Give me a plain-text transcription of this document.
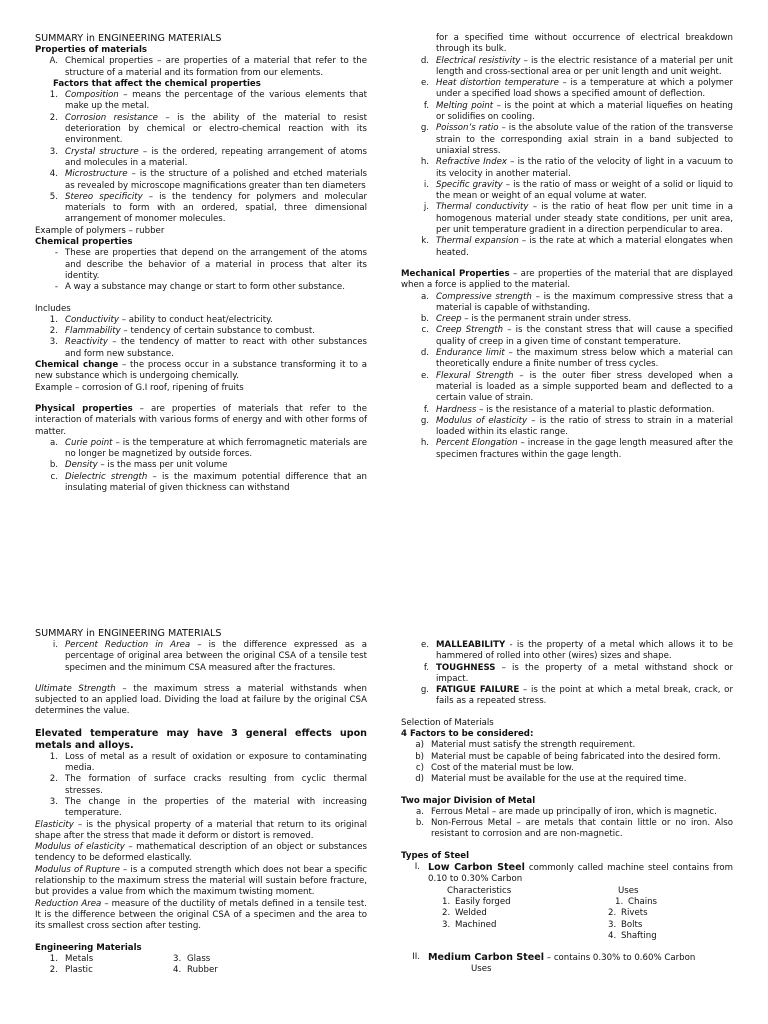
SUMMARY in ENGINEERING MATERIALS
Properties of materials
A. Chemical properties – are properties of a material that refer to the structure of a material and its formation from our elements.
Factors that affect the chemical properties
1. Composition – means the percentage of the various elements that make up the metal.
2. Corrosion resistance – is the ability of the material to resist deterioration by chemical or electro-chemical reaction with its environment.
3. Crystal structure – is the ordered, repeating arrangement of atoms and molecules in a material.
4. Microstructure – is the structure of a polished and etched materials as revealed by microscope magnifications greater than ten diameters
5. Stereo specificity – is the tendency for polymers and molecular materials to form with an ordered, spatial, three dimensional arrangement of monomer molecules.
Example of polymers – rubber
Chemical properties
- These are properties that depend on the arrangement of the atoms and describe the behavior of a material in process that alter its identity.
- A way a substance may change or start to form other substance.
Includes
1. Conductivity – ability to conduct heat/electricity.
2. Flammability – tendency of certain substance to combust.
3. Reactivity – the tendency of matter to react with other substances and form new substance.
Chemical change – the process occur in a substance transforming it to a new substance which is undergoing chemically.
Example – corrosion of G.I roof, ripening of fruits
Physical properties – are properties of materials that refer to the interaction of materials with various forms of energy and with other forms of matter.
a. Curie point – is the temperature at which ferromagnetic materials are no longer be magnetized by outside forces.
b. Density – is the mass per unit volume
c. Dielectric strength – is the maximum potential difference that an insulating material of given thickness can withstand
for a specified time without occurrence of electrical breakdown through its bulk.
d. Electrical resistivity – is the electric resistance of a material per unit length and cross-sectional area or per unit length and unit weight.
e. Heat distortion temperature – is a temperature at which a polymer under a specified load shows a specified amount of deflection.
f. Melting point – is the point at which a material liquefies on heating or solidifies on cooling.
g. Poisson’s ratio – is the absolute value of the ration of the transverse strain to the corresponding axial strain in a band subjected to uniaxial stress.
h. Refractive Index – is the ratio of the velocity of light in a vacuum to its velocity in another material.
i. Specific gravity – is the ratio of mass or weight of a solid or liquid to the mean or weight of an equal volume at water.
j. Thermal conductivity – is the ratio of heat flow per unit time in a homogenous material under steady state conditions, per unit area, per unit temperature gradient in a direction perpendicular to area.
k. Thermal expansion – is the rate at which a material elongates when heated.
Mechanical Properties – are properties of the material that are displayed when a force is applied to the material.
a. Compressive strength – is the maximum compressive stress that a material is capable of withstanding.
b. Creep – is the permanent strain under stress.
c. Creep Strength – is the constant stress that will cause a specified quality of creep in a given time of constant temperature.
d. Endurance limit – the maximum stress below which a material can theoretically endure a finite number of tress cycles.
e. Flexural Strength – is the outer fiber stress developed when a material is loaded as a simple supported beam and deflected to a certain value of strain.
f. Hardness – is the resistance of a material to plastic deformation.
g. Modulus of elasticity – is the ratio of stress to strain in a material loaded within its elastic range.
h. Percent Elongation – increase in the gage length measured after the specimen fractures within the gage length.
SUMMARY in ENGINEERING MATERIALS
i. Percent Reduction in Area – is the difference expressed as a percentage of original area between the original CSA of a tensile test specimen and the minimum CSA measured after the fractures.
Ultimate Strength – the maximum stress a material withstands when subjected to an applied load. Dividing the load at failure by the original CSA determines the value.
Elevated temperature may have 3 general effects upon metals and alloys.
1. Loss of metal as a result of oxidation or exposure to contaminating media.
2. The formation of surface cracks resulting from cyclic thermal stresses.
3. The change in the properties of the material with increasing temperature.
Elasticity – is the physical property of a material that return to its original shape after the stress that made it deform or distort is removed.
Modulus of elasticity – mathematical description of an object or substances tendency to be deformed elastically.
Modulus of Rupture – is a computed strength which does not bear a specific relationship to the maximum stress the material will sustain before fracture, but provides a value from which the maximum twisting moment.
Reduction Area – measure of the ductility of metals defined in a tensile test. It is the difference between the original CSA of a specimen and the area to its smallest cross section after testing.
Engineering Materials
1. Metals	3. Glass
2. Plastic	4. Rubber
e. MALLEABILITY - is the property of a metal which allows it to be hammered of rolled into other (wires) sizes and shape.
f. TOUGHNESS – is the property of a metal withstand shock or impact.
g. FATIGUE FAILURE – is the point at which a metal break, crack, or fails as a repeated stress.
Selection of Materials
4 Factors to be considered:
a) Material must satisfy the strength requirement.
b) Material must be capable of being fabricated into the desired form.
c) Cost of the material must be low.
d) Material must be available for the use at the required time.
Two major Division of Metal
a. Ferrous Metal – are made up principally of iron, which is magnetic.
b. Non-Ferrous Metal – are metals that contain little or no iron. Also resistant to corrosion and are non-magnetic.
Types of Steel
I. Low Carbon Steel commonly called machine steel contains from 0.10 to 0.30% Carbon
Characteristics	Uses
1. Easily forged	1. Chains
2. Welded	2. Rivets
3. Machined	3. Bolts
4. Shafting
II. Medium Carbon Steel – contains 0.30% to 0.60% Carbon
Uses
